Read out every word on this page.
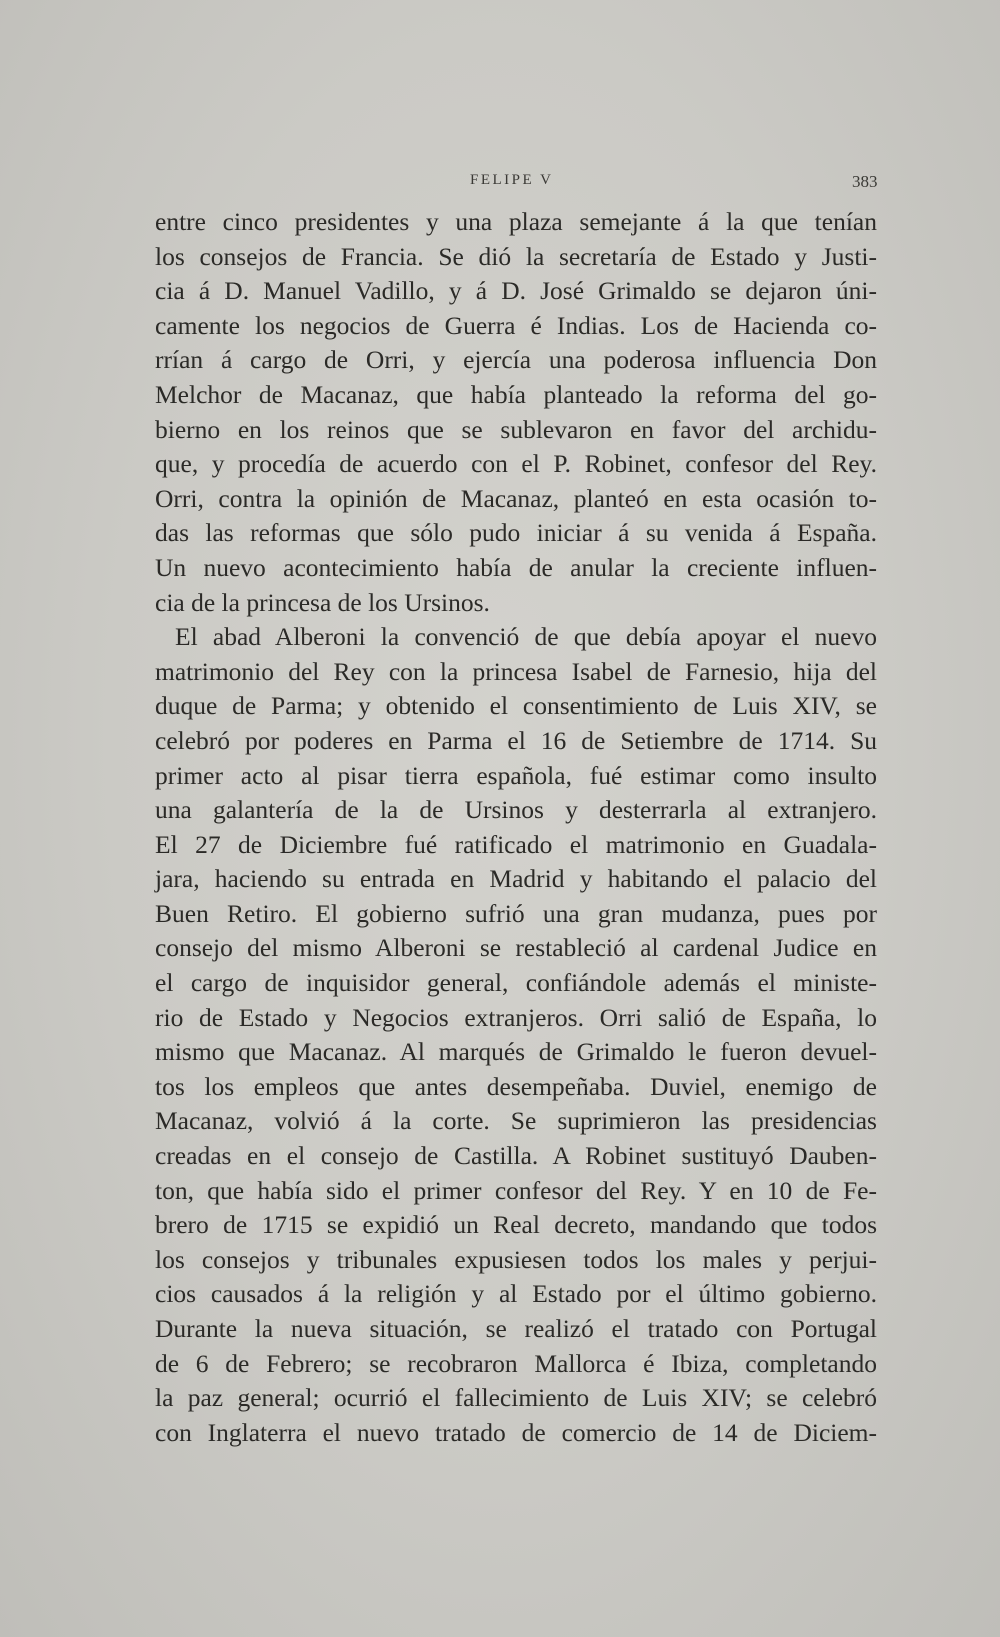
FELIPE V	383
entre cinco presidentes y una plaza semejante á la que tenían
los consejos de Francia. Se dió la secretaría de Estado y Justi-
cia á D. Manuel Vadillo, y á D. José Grimaldo se dejaron úni-
camente los negocios de Guerra é Indias. Los de Hacienda co-
rrían á cargo de Orri, y ejercía una poderosa influencia Don
Melchor de Macanaz, que había planteado la reforma del go-
bierno en los reinos que se sublevaron en favor del archidu-
que, y procedía de acuerdo con el P. Robinet, confesor del Rey.
Orri, contra la opinión de Macanaz, planteó en esta ocasión to-
das las reformas que sólo pudo iniciar á su venida á España.
Un nuevo acontecimiento había de anular la creciente influen-
cia de la princesa de los Ursinos.
El abad Alberoni la convenció de que debía apoyar el nuevo
matrimonio del Rey con la princesa Isabel de Farnesio, hija del
duque de Parma; y obtenido el consentimiento de Luis XIV, se
celebró por poderes en Parma el 16 de Setiembre de 1714. Su
primer acto al pisar tierra española, fué estimar como insulto
una galantería de la de Ursinos y desterrarla al extranjero.
El 27 de Diciembre fué ratificado el matrimonio en Guadala-
jara, haciendo su entrada en Madrid y habitando el palacio del
Buen Retiro. El gobierno sufrió una gran mudanza, pues por
consejo del mismo Alberoni se restableció al cardenal Judice en
el cargo de inquisidor general, confiándole además el ministe-
rio de Estado y Negocios extranjeros. Orri salió de España, lo
mismo que Macanaz. Al marqués de Grimaldo le fueron devuel-
tos los empleos que antes desempeñaba. Duviel, enemigo de
Macanaz, volvió á la corte. Se suprimieron las presidencias
creadas en el consejo de Castilla. A Robinet sustituyó Dauben-
ton, que había sido el primer confesor del Rey. Y en 10 de Fe-
brero de 1715 se expidió un Real decreto, mandando que todos
los consejos y tribunales expusiesen todos los males y perjui-
cios causados á la religión y al Estado por el último gobierno.
Durante la nueva situación, se realizó el tratado con Portugal
de 6 de Febrero; se recobraron Mallorca é Ibiza, completando
la paz general; ocurrió el fallecimiento de Luis XIV; se celebró
con Inglaterra el nuevo tratado de comercio de 14 de Diciem-
